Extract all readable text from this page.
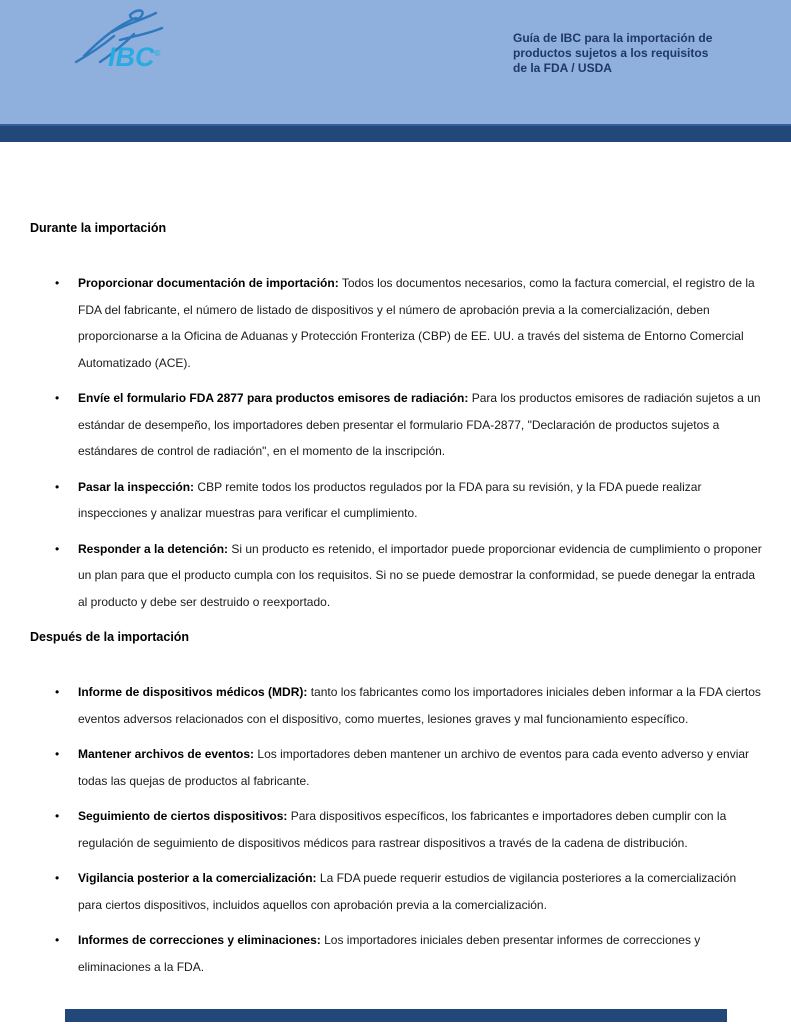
IBC®
Guía de IBC para la importación de
productos sujetos a los requisitos
de la FDA / USDA
Durante la importación
• Proporcionar documentación de importación: Todos los documentos necesarios, como la factura comercial, el registro de la FDA del fabricante, el número de listado de dispositivos y el número de aprobación previa a la comercialización, deben proporcionarse a la Oficina de Aduanas y Protección Fronteriza (CBP) de EE. UU. a través del sistema de Entorno Comercial Automatizado (ACE).
• Envíe el formulario FDA 2877 para productos emisores de radiación: Para los productos emisores de radiación sujetos a un estándar de desempeño, los importadores deben presentar el formulario FDA-2877, "Declaración de productos sujetos a estándares de control de radiación", en el momento de la inscripción.
• Pasar la inspección: CBP remite todos los productos regulados por la FDA para su revisión, y la FDA puede realizar inspecciones y analizar muestras para verificar el cumplimiento.
• Responder a la detención: Si un producto es retenido, el importador puede proporcionar evidencia de cumplimiento o proponer un plan para que el producto cumpla con los requisitos. Si no se puede demostrar la conformidad, se puede denegar la entrada al producto y debe ser destruido o reexportado.
Después de la importación
• Informe de dispositivos médicos (MDR): tanto los fabricantes como los importadores iniciales deben informar a la FDA ciertos eventos adversos relacionados con el dispositivo, como muertes, lesiones graves y mal funcionamiento específico.
• Mantener archivos de eventos: Los importadores deben mantener un archivo de eventos para cada evento adverso y enviar todas las quejas de productos al fabricante.
• Seguimiento de ciertos dispositivos: Para dispositivos específicos, los fabricantes e importadores deben cumplir con la regulación de seguimiento de dispositivos médicos para rastrear dispositivos a través de la cadena de distribución.
• Vigilancia posterior a la comercialización: La FDA puede requerir estudios de vigilancia posteriores a la comercialización para ciertos dispositivos, incluidos aquellos con aprobación previa a la comercialización.
• Informes de correcciones y eliminaciones: Los importadores iniciales deben presentar informes de correcciones y eliminaciones a la FDA.
